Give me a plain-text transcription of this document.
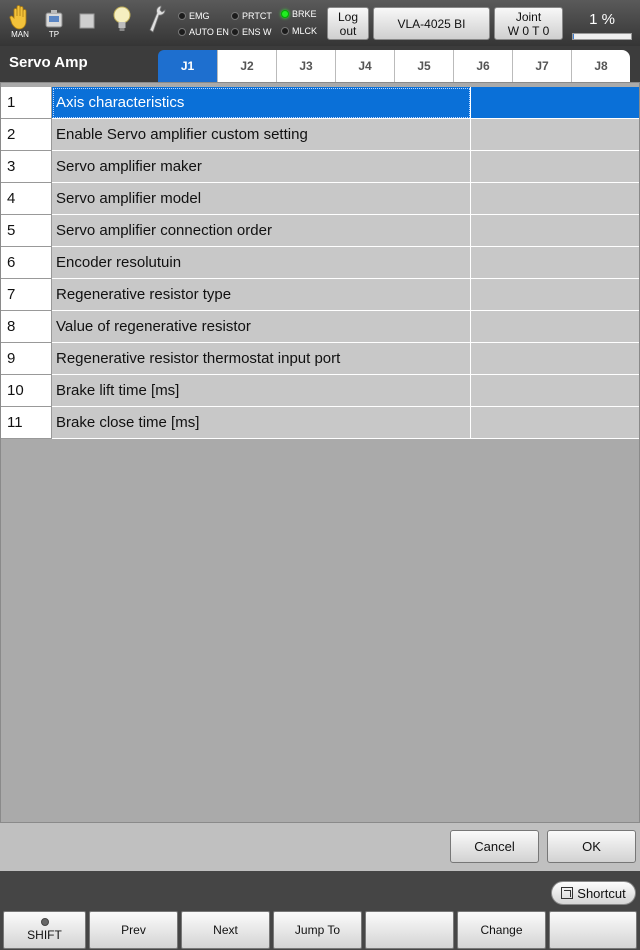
MAN	TP
EMG
AUTO EN
PRTCT
ENS W
BRKE
MLCK
Log
out	VLA-4025 BI	Joint
W 0 T 0
1 %
Servo Amp	J1	J2	J3	J4	J5	J6	J7	J8
1	Axis characteristics
2	Enable Servo amplifier custom setting
3	Servo amplifier maker
4	Servo amplifier model
5	Servo amplifier connection order
6	Encoder resolutuin
7	Regenerative resistor type
8	Value of regenerative resistor
9	Regenerative resistor thermostat input port
10	Brake lift time [ms]
11	Brake close time [ms]
Cancel	OK
Shortcut
SHIFT	Prev	Next	Jump To	Change
